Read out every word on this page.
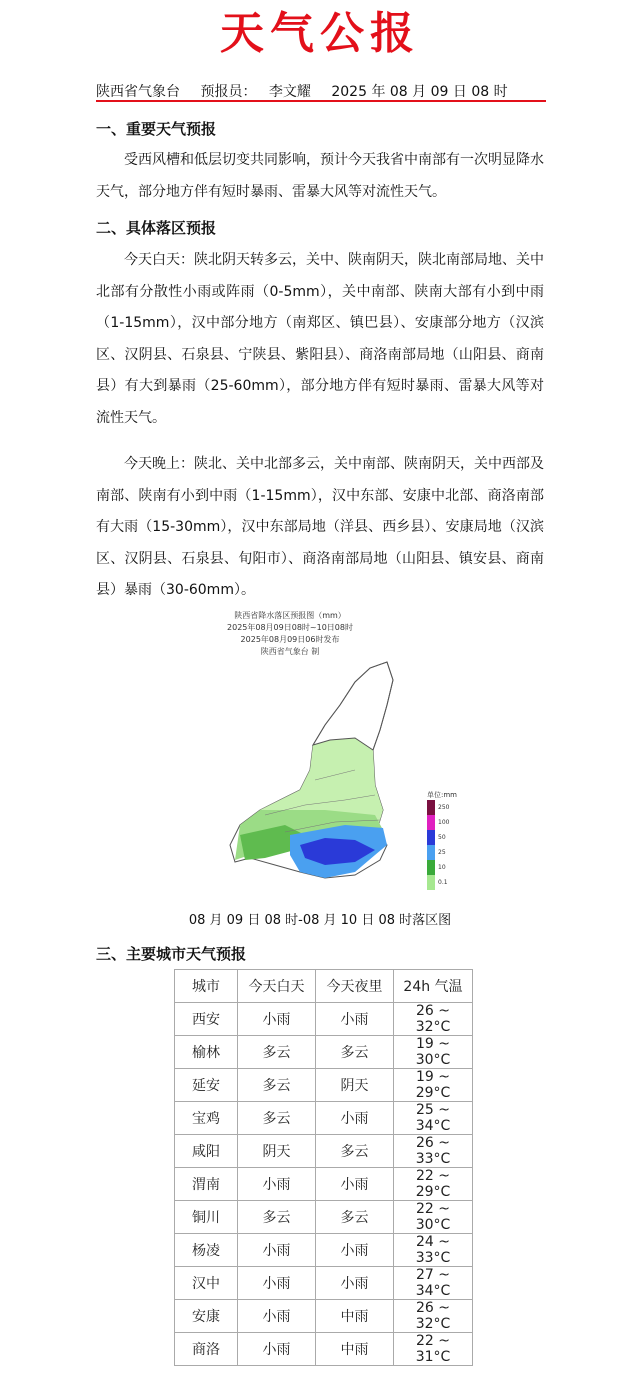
天气公报
陕西省气象台 预报员： 李文耀 2025 年 08 月 09 日 08 时
一、重要天气预报
受西风槽和低层切变共同影响，预计今天我省中南部有一次明显降水天气，部分地方伴有短时暴雨、雷暴大风等对流性天气。
二、具体落区预报
今天白天：陕北阴天转多云，关中、陕南阴天，陕北南部局地、关中北部有分散性小雨或阵雨（0-5mm），关中南部、陕南大部有小到中雨（1-15mm），汉中部分地方（南郑区、镇巴县）、安康部分地方（汉滨区、汉阴县、石泉县、宁陕县、紫阳县）、商洛南部局地（山阳县、商南县）有大到暴雨（25-60mm），部分地方伴有短时暴雨、雷暴大风等对流性天气。
今天晚上：陕北、关中北部多云，关中南部、陕南阴天，关中西部及南部、陕南有小到中雨（1-15mm），汉中东部、安康中北部、商洛南部有大雨（15-30mm），汉中东部局地（洋县、西乡县）、安康局地（汉滨区、汉阴县、石泉县、旬阳市）、商洛南部局地（山阳县、镇安县、商南县）暴雨（30-60mm）。
陕西省降水落区预报图（mm）
2025年08月09日08时~10日08时
2025年08月09日06时发布
陕西省气象台 制
单位:mm
250
100
50
25
10
0.1
08 月 09 日 08 时-08 月 10 日 08 时落区图
三、主要城市天气预报
城市	今天白天	今天夜里	24h 气温
西安	小雨	小雨	26 ~ 32°C
榆林	多云	多云	19 ~ 30°C
延安	多云	阴天	19 ~ 29°C
宝鸡	多云	小雨	25 ~ 34°C
咸阳	阴天	多云	26 ~ 33°C
渭南	小雨	小雨	22 ~ 29°C
铜川	多云	多云	22 ~ 30°C
杨凌	小雨	小雨	24 ~ 33°C
汉中	小雨	小雨	27 ~ 34°C
安康	小雨	中雨	26 ~ 32°C
商洛	小雨	中雨	22 ~ 31°C
